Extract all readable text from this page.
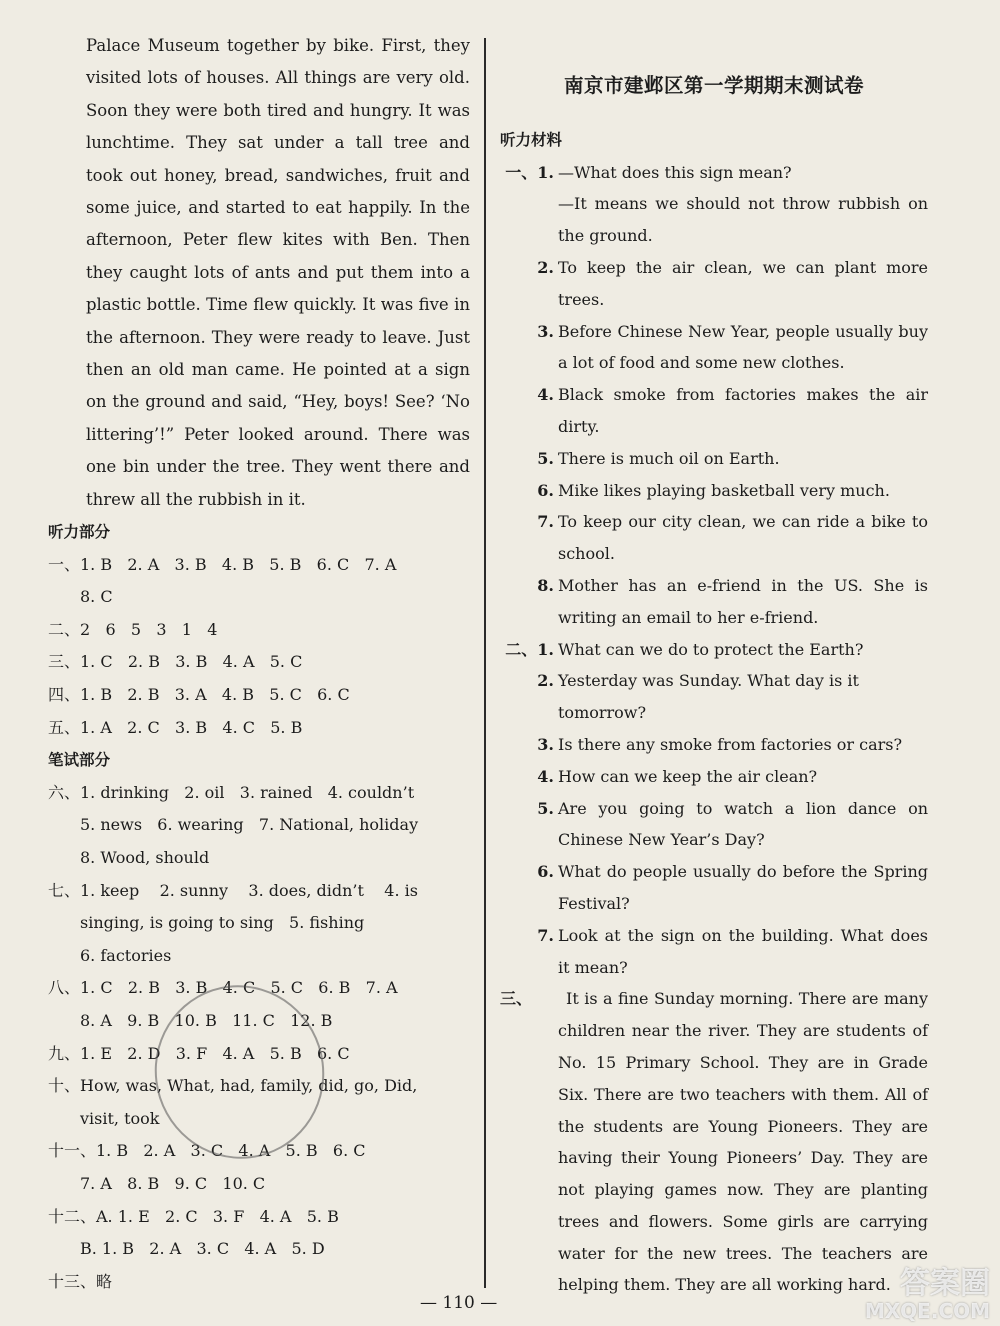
Palace Museum together by bike. First, they visited lots of houses. All things are very old. Soon they were both tired and hungry. It was lunchtime. They sat under a tall tree and took out honey, bread, sandwiches, fruit and some juice, and started to eat happily. In the afternoon, Peter flew kites with Ben. Then they caught lots of ants and put them into a plastic bottle. Time flew quickly. It was five in the afternoon. They were ready to leave. Just then an old man came. He pointed at a sign on the ground and said, “Hey, boys! See? ‘No littering’!” Peter looked around. There was one bin under the tree. They went there and threw all the rubbish in it.

听力部分
一、1. B   2. A   3. B   4. B   5. B   6. C   7. A
8. C
二、2   6   5   3   1   4
三、1. C   2. B   3. B   4. A   5. C
四、1. B   2. B   3. A   4. B   5. C   6. C
五、1. A   2. C   3. B   4. C   5. B
笔试部分
六、1. drinking   2. oil   3. rained   4. couldn’t
5. news   6. wearing   7. National, holiday
8. Wood, should
七、1. keep    2. sunny    3. does, didn’t    4. is
singing, is going to sing   5. fishing
6. factories
八、1. C   2. B   3. B   4. C   5. C   6. B   7. A
8. A   9. B   10. B   11. C   12. B
九、1. E   2. D   3. F   4. A   5. B   6. C
十、How, was, What, had, family, did, go, Did,
visit, took
十一、1. B   2. A   3. C   4. A   5. B   6. C
7. A   8. B   9. C   10. C
十二、A. 1. E   2. C   3. F   4. A   5. B
B. 1. B   2. A   3. C   4. A   5. D
十三、略
南京市建邺区第一学期期末测试卷
听力材料
一、1. —What does this sign mean?
—It means we should not throw rubbish on the ground.
2. To keep the air clean, we can plant more trees.
3. Before Chinese New Year, people usually buy a lot of food and some new clothes.
4. Black smoke from factories makes the air dirty.
5. There is much oil on Earth.
6. Mike likes playing basketball very much.
7. To keep our city clean, we can ride a bike to school.
8. Mother has an e-friend in the US. She is writing an email to her e-friend.
二、1. What can we do to protect the Earth?
2. Yesterday was Sunday. What day is it tomorrow?
3. Is there any smoke from factories or cars?
4. How can we keep the air clean?
5. Are you going to watch a lion dance on Chinese New Year’s Day?
6. What do people usually do before the Spring Festival?
7. Look at the sign on the building. What does it mean?
三、	It is a fine Sunday morning. There are many children near the river. They are students of No. 15 Primary School. They are in Grade Six. There are two teachers with them. All of the students are Young Pioneers. They are having their Young Pioneers’ Day. They are not playing games now. They are planting trees and flowers. Some girls are carrying water for the new trees. The teachers are helping them. They are all working hard.
— 110 —
答案圈
MXQE.COM
